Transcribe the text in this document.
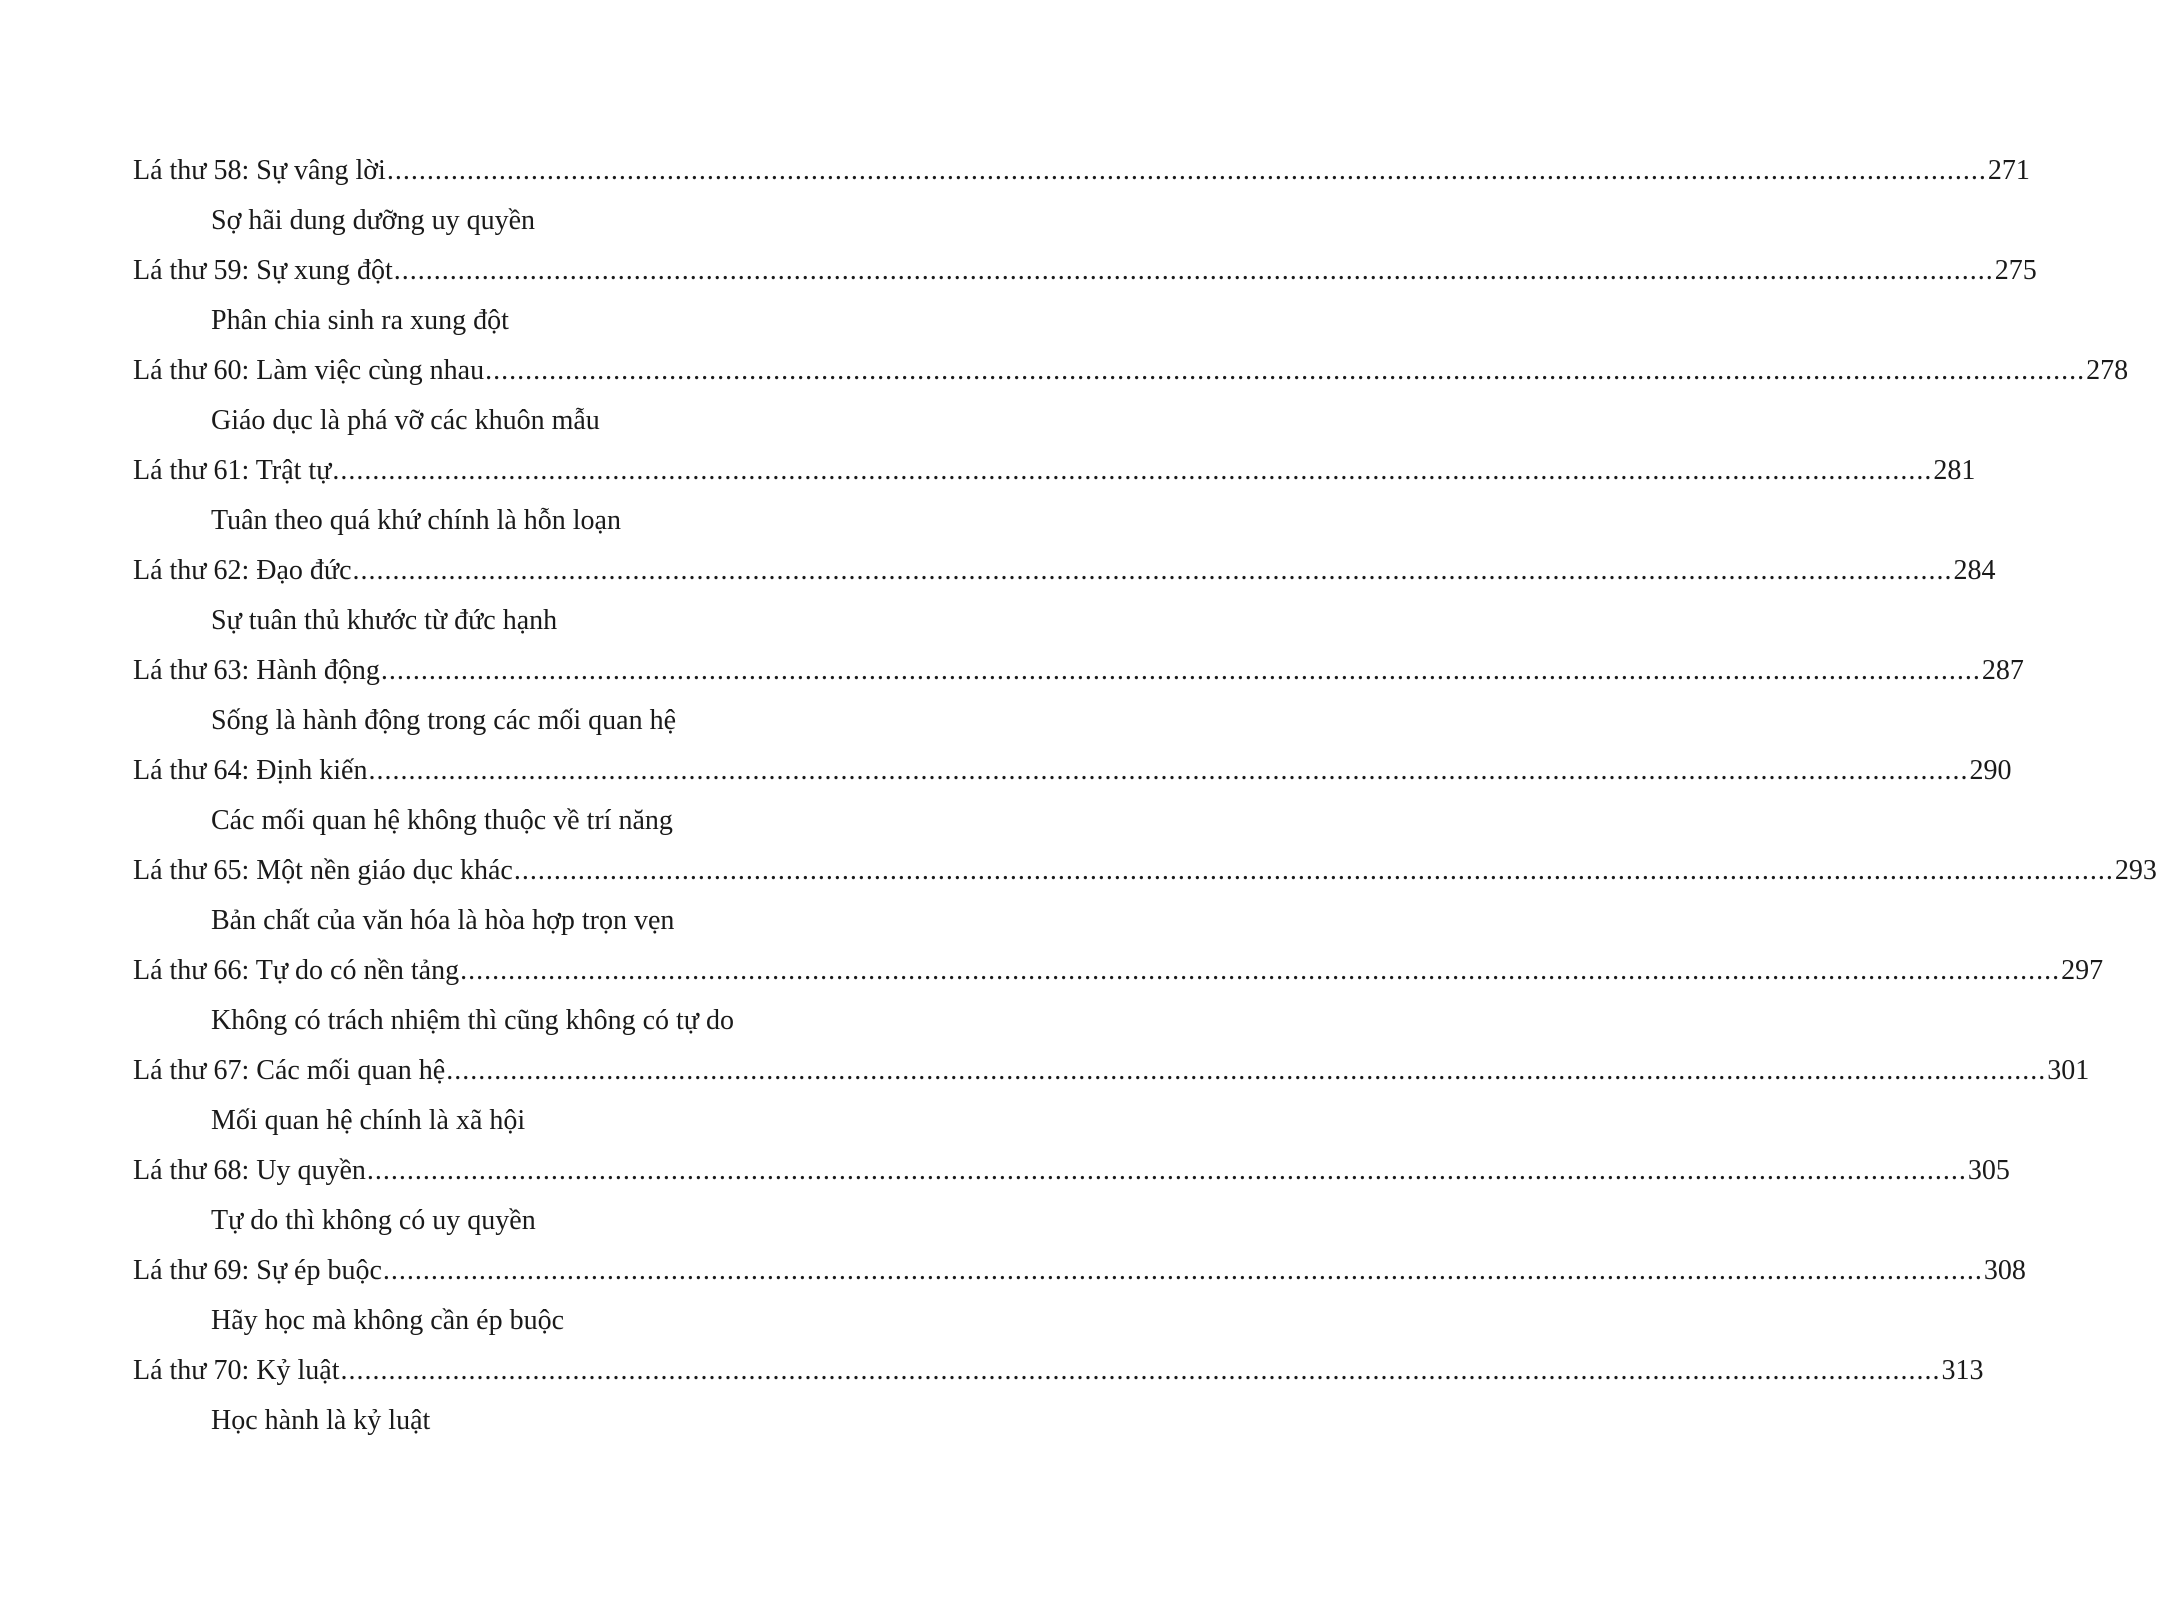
Lá thư 58: Sự vâng lời ........................................................................................................................................................................................................ 271
Sợ hãi dung dưỡng uy quyền
Lá thư 59: Sự xung đột ........................................................................................................................................................................................................ 275
Phân chia sinh ra xung đột
Lá thư 60: Làm việc cùng nhau ........................................................................................................................................................................................................ 278
Giáo dục là phá vỡ các khuôn mẫu
Lá thư 61: Trật tự ........................................................................................................................................................................................................ 281
Tuân theo quá khứ chính là hỗn loạn
Lá thư 62: Đạo đức ........................................................................................................................................................................................................ 284
Sự tuân thủ khước từ đức hạnh
Lá thư 63: Hành động ........................................................................................................................................................................................................ 287
Sống là hành động trong các mối quan hệ
Lá thư 64: Định kiến ........................................................................................................................................................................................................ 290
Các mối quan hệ không thuộc về trí năng
Lá thư 65: Một nền giáo dục khác ........................................................................................................................................................................................................ 293
Bản chất của văn hóa là hòa hợp trọn vẹn
Lá thư 66: Tự do có nền tảng ........................................................................................................................................................................................................ 297
Không có trách nhiệm thì cũng không có tự do
Lá thư 67: Các mối quan hệ ........................................................................................................................................................................................................ 301
Mối quan hệ chính là xã hội
Lá thư 68: Uy quyền ........................................................................................................................................................................................................ 305
Tự do thì không có uy quyền
Lá thư 69: Sự ép buộc ........................................................................................................................................................................................................ 308
Hãy học mà không cần ép buộc
Lá thư 70: Kỷ luật ........................................................................................................................................................................................................ 313
Học hành là kỷ luật
